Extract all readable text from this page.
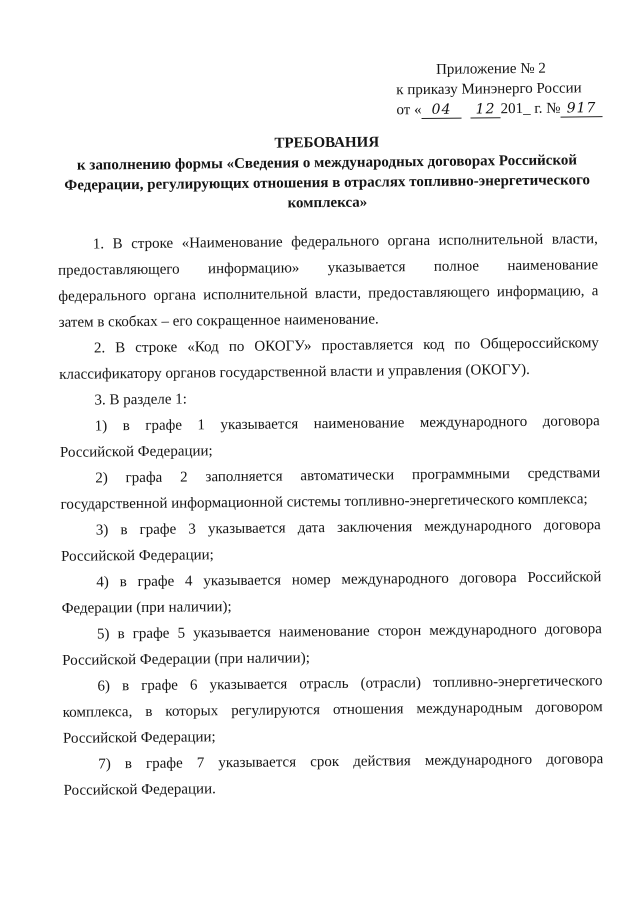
Приложение № 2
к приказу Минэнерго России
от « 04 12 201_ г. № 917
ТРЕБОВАНИЯ
к заполнению формы «Сведения о международных договорах Российской
Федерации, регулирующих отношения в отраслях топливно-энергетического
комплекса»
1. В строке «Наименование федерального органа исполнительной власти,
предоставляющего информацию» указывается полное наименование
федерального органа исполнительной власти, предоставляющего информацию, а
затем в скобках – его сокращенное наименование.
2. В строке «Код по ОКОГУ» проставляется код по Общероссийскому
классификатору органов государственной власти и управления (ОКОГУ).
3. В разделе 1:
1) в графе 1 указывается наименование международного договора
Российской Федерации;
2) графа 2 заполняется автоматически программными средствами
государственной информационной системы топливно-энергетического комплекса;
3) в графе 3 указывается дата заключения международного договора
Российской Федерации;
4) в графе 4 указывается номер международного договора Российской
Федерации (при наличии);
5) в графе 5 указывается наименование сторон международного договора
Российской Федерации (при наличии);
6) в графе 6 указывается отрасль (отрасли) топливно-энергетического
комплекса, в которых регулируются отношения международным договором
Российской Федерации;
7) в графе 7 указывается срок действия международного договора
Российской Федерации.
